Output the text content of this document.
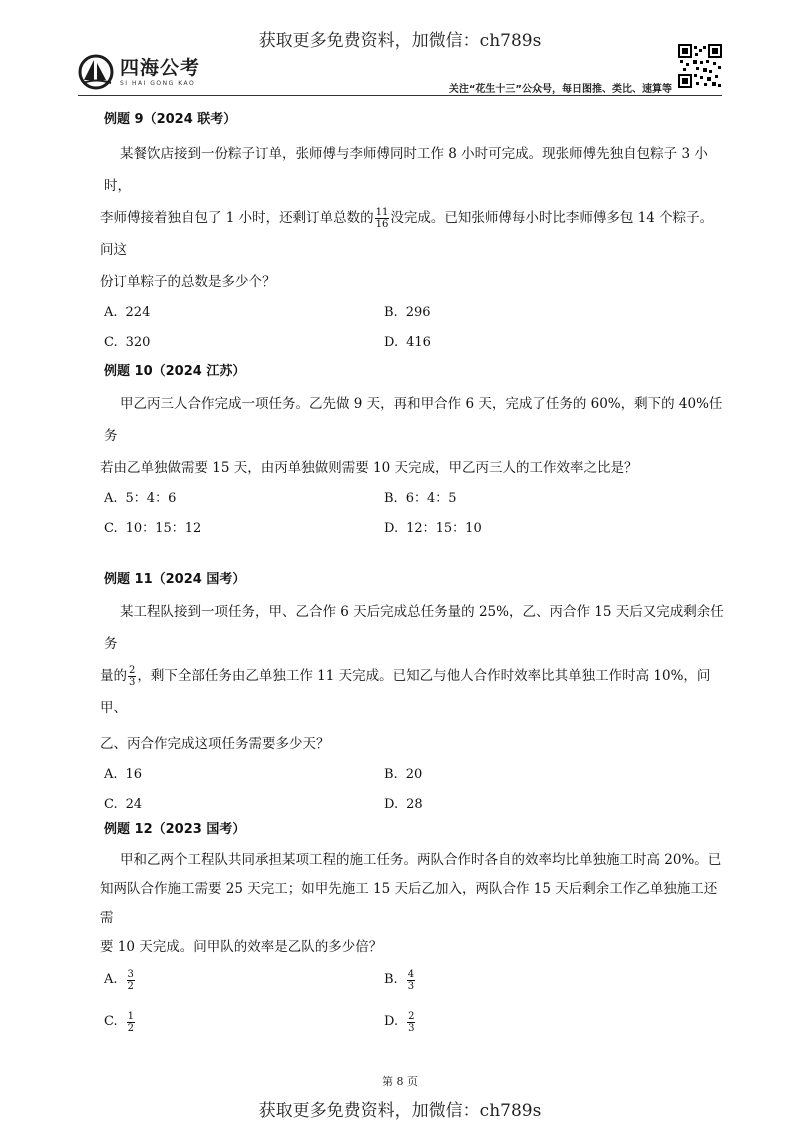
获取更多免费资料，加微信：ch789s
四海公考
SI HAI GONG KAO
关注“花生十三”公众号，每日图推、类比、速算等
例题 9（2024 联考）

某餐饮店接到一份粽子订单，张师傅与李师傅同时工作 8 小时可完成。现张师傅先独自包粽子 3 小时，

李师傅接着独自包了 1 小时，还剩订单总数的 $\frac{11}{16}$ 没完成。已知张师傅每小时比李师傅多包 14 个粽子。问这

份订单粽子的总数是多少个？

A. 224	B. 296
C. 320	D. 416
例题 10（2024 江苏）

甲乙丙三人合作完成一项任务。乙先做 9 天，再和甲合作 6 天，完成了任务的 60%，剩下的 40%任务

若由乙单独做需要 15 天，由丙单独做则需要 10 天完成，甲乙丙三人的工作效率之比是？

A. 5：4：6	B. 6：4：5
C. 10：15：12	D. 12：15：10
例题 11（2024 国考）

某工程队接到一项任务，甲、乙合作 6 天后完成总任务量的 25%，乙、丙合作 15 天后又完成剩余任务

量的 $\frac{2}{3}$ ，剩下全部任务由乙单独工作 11 天完成。已知乙与他人合作时效率比其单独工作时高 10%，问甲、

乙、丙合作完成这项任务需要多少天？

A. 16	B. 20
C. 24	D. 28
例题 12（2023 国考）

甲和乙两个工程队共同承担某项工程的施工任务。两队合作时各自的效率均比单独施工时高 20%。已

知两队合作施工需要 25 天完工；如甲先施工 15 天后乙加入，两队合作 15 天后剩余工作乙单独施工还需

要 10 天完成。问甲队的效率是乙队的多少倍？

A. $\frac{3}{2}$	B. $\frac{4}{3}$
C. $\frac{1}{2}$	D. $\frac{2}{3}$
第 8 页
获取更多免费资料，加微信：ch789s
